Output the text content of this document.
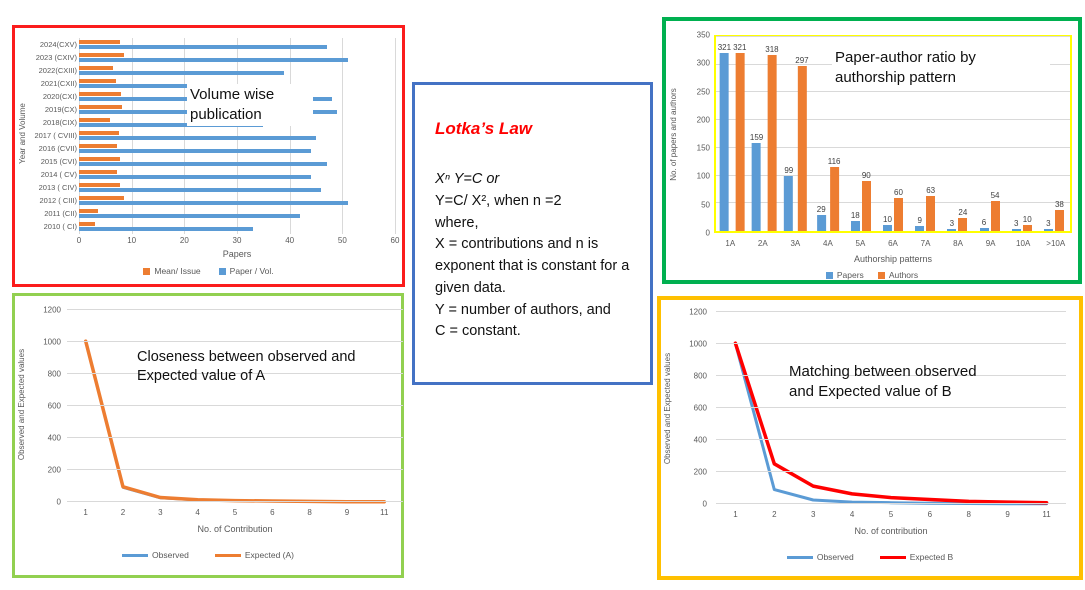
Year and Volume
2024(CXV)
2023 (CXIV)
2022(CXIII)
2021(CXII)
2020(CXI)
2019(CX)
2018(CIX)
2017 ( CVIII)
2016 (CVII)
2015 (CVI)
2014 ( CV)
2013 ( CIV)
2012 ( CIII)
2011 (CII)
2010 ( CI)
0	10	20	30	40	50	60
Papers
Mean/ Issue	Paper / Vol.
Volume wise publication
Lotka’s Law
Xⁿ Y=C or
Y=C/ X², when n =2
where,
X = contributions and n is exponent that is constant for a given data.
Y = number of authors, and
C = constant.
No. of papers and authors
0
50
100
150
200
250
300
350
321 321
159
318
99
297
29
116
18
90
10
60
9
63
3
24
6
54
3 10 3
38
1A	2A	3A	4A	5A	6A	7A	8A	9A	10A >10A
Authorship patterns
Papers	Authors
Paper-author ratio by authorship pattern
Observed and Expected values
0
200
400
600
800
1000
1200
1	2	3	4	5	6	8	9	11
No. of Contribution
Observed	Expected (A)
Closeness between observed and Expected value of A	Observed and Expected values
0
200
400
600
800
1000
1200
1	2	3	4	5	6	8	9	11
No. of contribution
Observed	Expected B
Matching between observed and Expected value of B
